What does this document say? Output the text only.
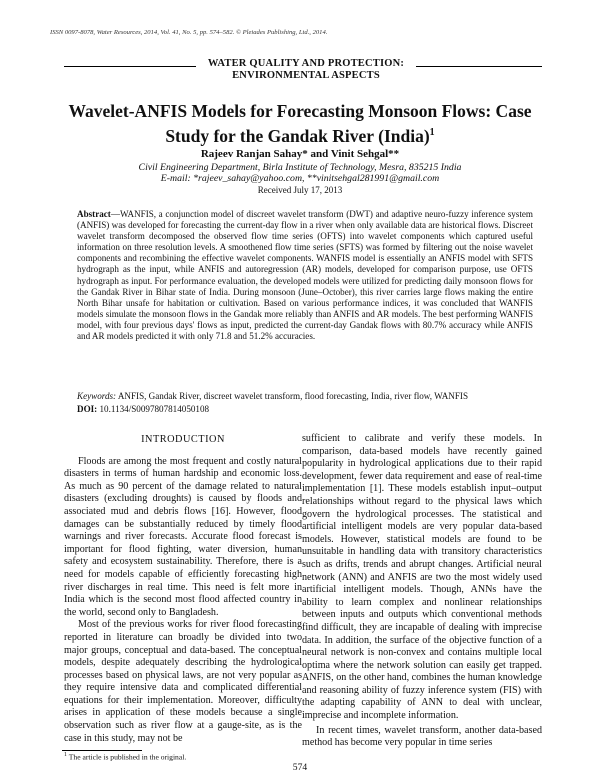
ISSN 0097-8078, Water Resources, 2014, Vol. 41, No. 5, pp. 574–582. © Pleiades Publishing, Ltd., 2014.
WATER QUALITY AND PROTECTION:
ENVIRONMENTAL ASPECTS
Wavelet-ANFIS Models for Forecasting Monsoon Flows: Case Study for the Gandak River (India)$^1$
Rajeev Ranjan Sahay* and Vinit Sehgal**
Civil Engineering Department, Birla Institute of Technology, Mesra, 835215 India
E-mail: *rajeev_sahay@yahoo.com, **vinitsehgal281991@gmail.com
Received July 17, 2013
Abstract—WANFIS, a conjunction model of discreet wavelet transform (DWT) and adaptive neuro-fuzzy inference system (ANFIS) was developed for forecasting the current-day flow in a river when only available data are historical flows. Discreet wavelet transform decomposed the observed flow time series (OFTS) into wavelet components which captured useful information on three resolution levels. A smoothened flow time series (SFTS) was formed by filtering out the noise wavelet components and recombining the effective wavelet components. WANFIS model is essentially an ANFIS model with SFTS hydrograph as the input, while ANFIS and autoregression (AR) models, developed for comparison purpose, use OFTS hydrograph as input. For performance evaluation, the developed models were utilized for predicting daily monsoon flows for the Gandak River in Bihar state of India. During monsoon (June–October), this river carries large flows making the entire North Bihar unsafe for habitation or cultivation. Based on various performance indices, it was concluded that WANFIS models simulate the monsoon flows in the Gandak more reliably than ANFIS and AR models. The best performing WANFIS model, with four previous days' flows as input, predicted the current-day Gandak flows with 80.7% accuracy while ANFIS and AR models predicted it with only 71.8 and 51.2% accuracies.
Keywords: ANFIS, Gandak River, discreet wavelet transform, flood forecasting, India, river flow, WANFIS
DOI: 10.1134/S0097807814050108
INTRODUCTION

Floods are among the most frequent and costly natural disasters in terms of human hardship and economic loss. As much as 90 percent of the damage related to natural disasters (excluding droughts) is caused by floods and associated mud and debris flows [16]. However, flood damages can be substantially reduced by timely flood warnings and river forecasts. Accurate flood forecast is important for flood fighting, water diversion, human safety and ecosystem sustainability. Therefore, there is a need for models capable of efficiently forecasting high river discharges in real time. This need is felt more in India which is the second most flood affected country in the world, second only to Bangladesh.

Most of the previous works for river flood forecasting reported in literature can broadly be divided into two major groups, conceptual and data-based. The conceptual models, despite adequately describing the hydrological processes based on physical laws, are not very popular as they require intensive data and complicated differential equations for their implementation. Moreover, difficulty arises in application of these models because a single observation such as river flow at a gauge-site, as is the case in this study, may not be

sufficient to calibrate and verify these models. In comparison, data-based models have recently gained popularity in hydrological applications due to their rapid development, fewer data requirement and ease of real-time implementation [1]. These models establish input–output relationships without regard to the physical laws which govern the hydrological processes. The statistical and artificial intelligent models are very popular data-based models. However, statistical models are found to be unsuitable in handling data with transitory characteristics such as drifts, trends and abrupt changes. Artificial neural network (ANN) and ANFIS are two the most widely used artificial intelligent models. Though, ANNs have the ability to learn complex and nonlinear relationships between inputs and outputs which conventional methods find difficult, they are incapable of dealing with imprecise data. In addition, the surface of the objective function of a neural network is non-convex and contains multiple local optima where the network solution can easily get trapped. ANFIS, on the other hand, combines the human knowledge and reasoning ability of fuzzy inference system (FIS) with the adapting capability of ANN to deal with unclear, imprecise and incomplete information.

In recent times, wavelet transform, another data-based method has become very popular in time series

$^1$ The article is published in the original.
574
